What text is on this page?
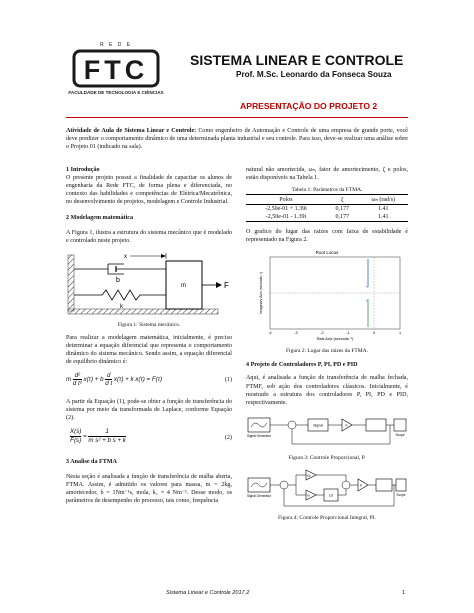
R E D E
FTC
FACULDADE DE TECNOLOGIA E CIÊNCIAS
SISTEMA LINEAR E CONTROLE
Prof. M.Sc. Leonardo da Fonseca Souza
APRESENTAÇÃO DO PROJETO 2
Atividade de Aula de Sistema Linear e Controle: Como engenheiro de Automação e Controle de uma empresa de grande porte, você deve predizer o comportamento dinâmico de uma determinada planta industrial e seu controle. Para isso, deve-se realizar uma análise sobre o Projeto 01 (indicado na sala).
1 Introdução
O presente projeto possui a finalidade de capacitar os alunos de engenharia da Rede FTC, de forma plena e diferenciada, no contexto das habilidades e competências de Elétrica/Mecatrônica, no desenvolvimento de projetos, modelagem e Controle Industrial.
2 Modelagem matemática
A Figura 1, ilustra a estrutura do sistema mecânico que é modelado e controlado neste projeto.
x
b
k
m	F
Figura 1: Sistema mecânico.
Para realizar a modelagem matemática, inicialmente, é preciso determinar a equação diferencial que representa o comportamento dinâmico do sistema mecânico. Sendo assim, a equação diferencial de equilíbrio dinâmico é:
m $\frac{\text{d²}}{\text{d t²}} x(\tau) + b \frac{d}{\text{d t}} x(\tau) + k$ x(τ) = F(τ)	(1)
A partir da Equação (1), pode-se obter a função de transferência do sistema por meio da transformada de Laplace, conforme Equação (2).
$\frac{X(s)}{F(s)} = \frac{1}{\text{m s² + b s + k}}$	(2)
3 Analise da FTMA
Nesta seção é analisada a função de transferência de malha aberta, FTMA. Assim, é admitido os valores para massa, m = 2kg, amortecedor, b = 1Nm⁻¹s, mola, k₁ = 4 Nm⁻¹. Desse modo, os parâmetros de desempenho do processo, tais como, frequência
natural não amortecida, ωₙ, fator de amortecimento, ζ e polos, estão disponíveis na Tabela 1.
Tabela 1: Parâmetros da FTMA.
Polos	ζ	ωₙ (rad/s)
-2,50e-01 + 1.39i	0,177	1.41
-2,50e-01 - 1.39i	0,177	1.41
O grafico do lugar das raizes com faixa de estabilidade é representado na Figura 2.
Root Locus
Imaginary Axis (seconds⁻¹)	×
×
-4	-3	-2	-1	0	1
Real Axis (seconds⁻¹)
Figura 2: Lugar das raizes da FTMA.
4 Projeto de Controladores P, PI, PD e PID
Aqui, é analisada a função de transferência de malha fechada, FTMF, sob ação dos controladores clássicos. Inicialmente, é mostrado a estrutura dos controladores P, PI, PD e PID, respectivamente.
Signal Generator
Signal	K
Scope
Figura 3: Controle Proporcional, P.
Signal Generator
Kp
Ki	1/s
K
Scope
Figura 4: Controle Proporcional Integral, PI.
Sistema Linear e Controle 2017.2	1
